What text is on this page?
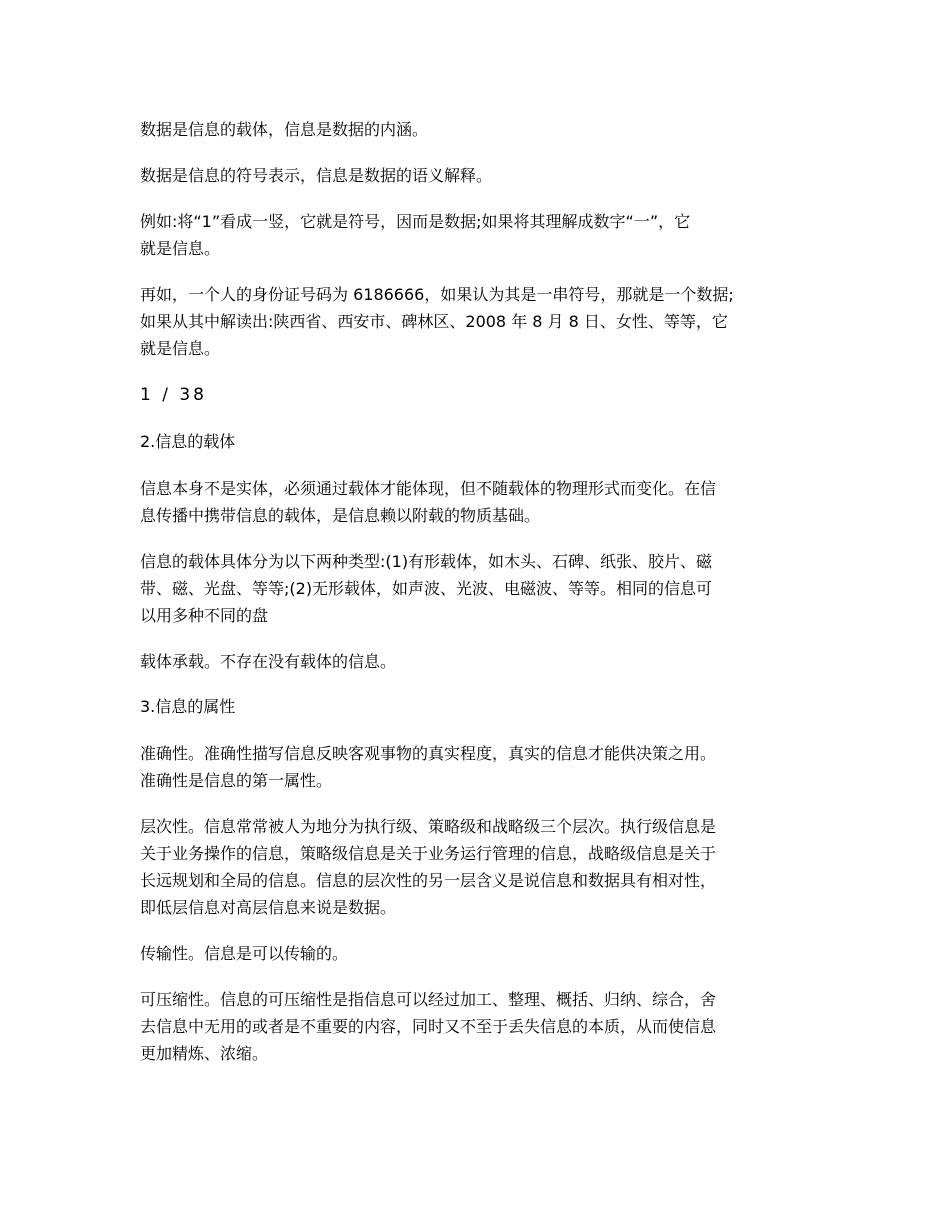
数据是信息的载体，信息是数据的内涵。

数据是信息的符号表示，信息是数据的语义解释。

例如:将“1”看成一竖，它就是符号，因而是数据;如果将其理解成数字“一”，它
就是信息。

再如，一个人的身份证号码为 6186666，如果认为其是一串符号，那就是一个数据;
如果从其中解读出:陕西省、西安市、碑林区、2008 年 8 月 8 日、女性、等等，它
就是信息。

1 / 38

2.信息的载体

信息本身不是实体，必须通过载体才能体现，但不随载体的物理形式而变化。在信
息传播中携带信息的载体，是信息赖以附载的物质基础。

信息的载体具体分为以下两种类型:(1)有形载体，如木头、石碑、纸张、胶片、磁
带、磁、光盘、等等;(2)无形载体，如声波、光波、电磁波、等等。相同的信息可
以用多种不同的盘

载体承载。不存在没有载体的信息。

3.信息的属性

准确性。准确性描写信息反映客观事物的真实程度，真实的信息才能供决策之用。
准确性是信息的第一属性。

层次性。信息常常被人为地分为执行级、策略级和战略级三个层次。执行级信息是
关于业务操作的信息，策略级信息是关于业务运行管理的信息，战略级信息是关于
长远规划和全局的信息。信息的层次性的另一层含义是说信息和数据具有相对性，
即低层信息对高层信息来说是数据。

传输性。信息是可以传输的。

可压缩性。信息的可压缩性是指信息可以经过加工、整理、概括、归纳、综合，舍
去信息中无用的或者是不重要的内容，同时又不至于丢失信息的本质，从而使信息
更加精炼、浓缩。
